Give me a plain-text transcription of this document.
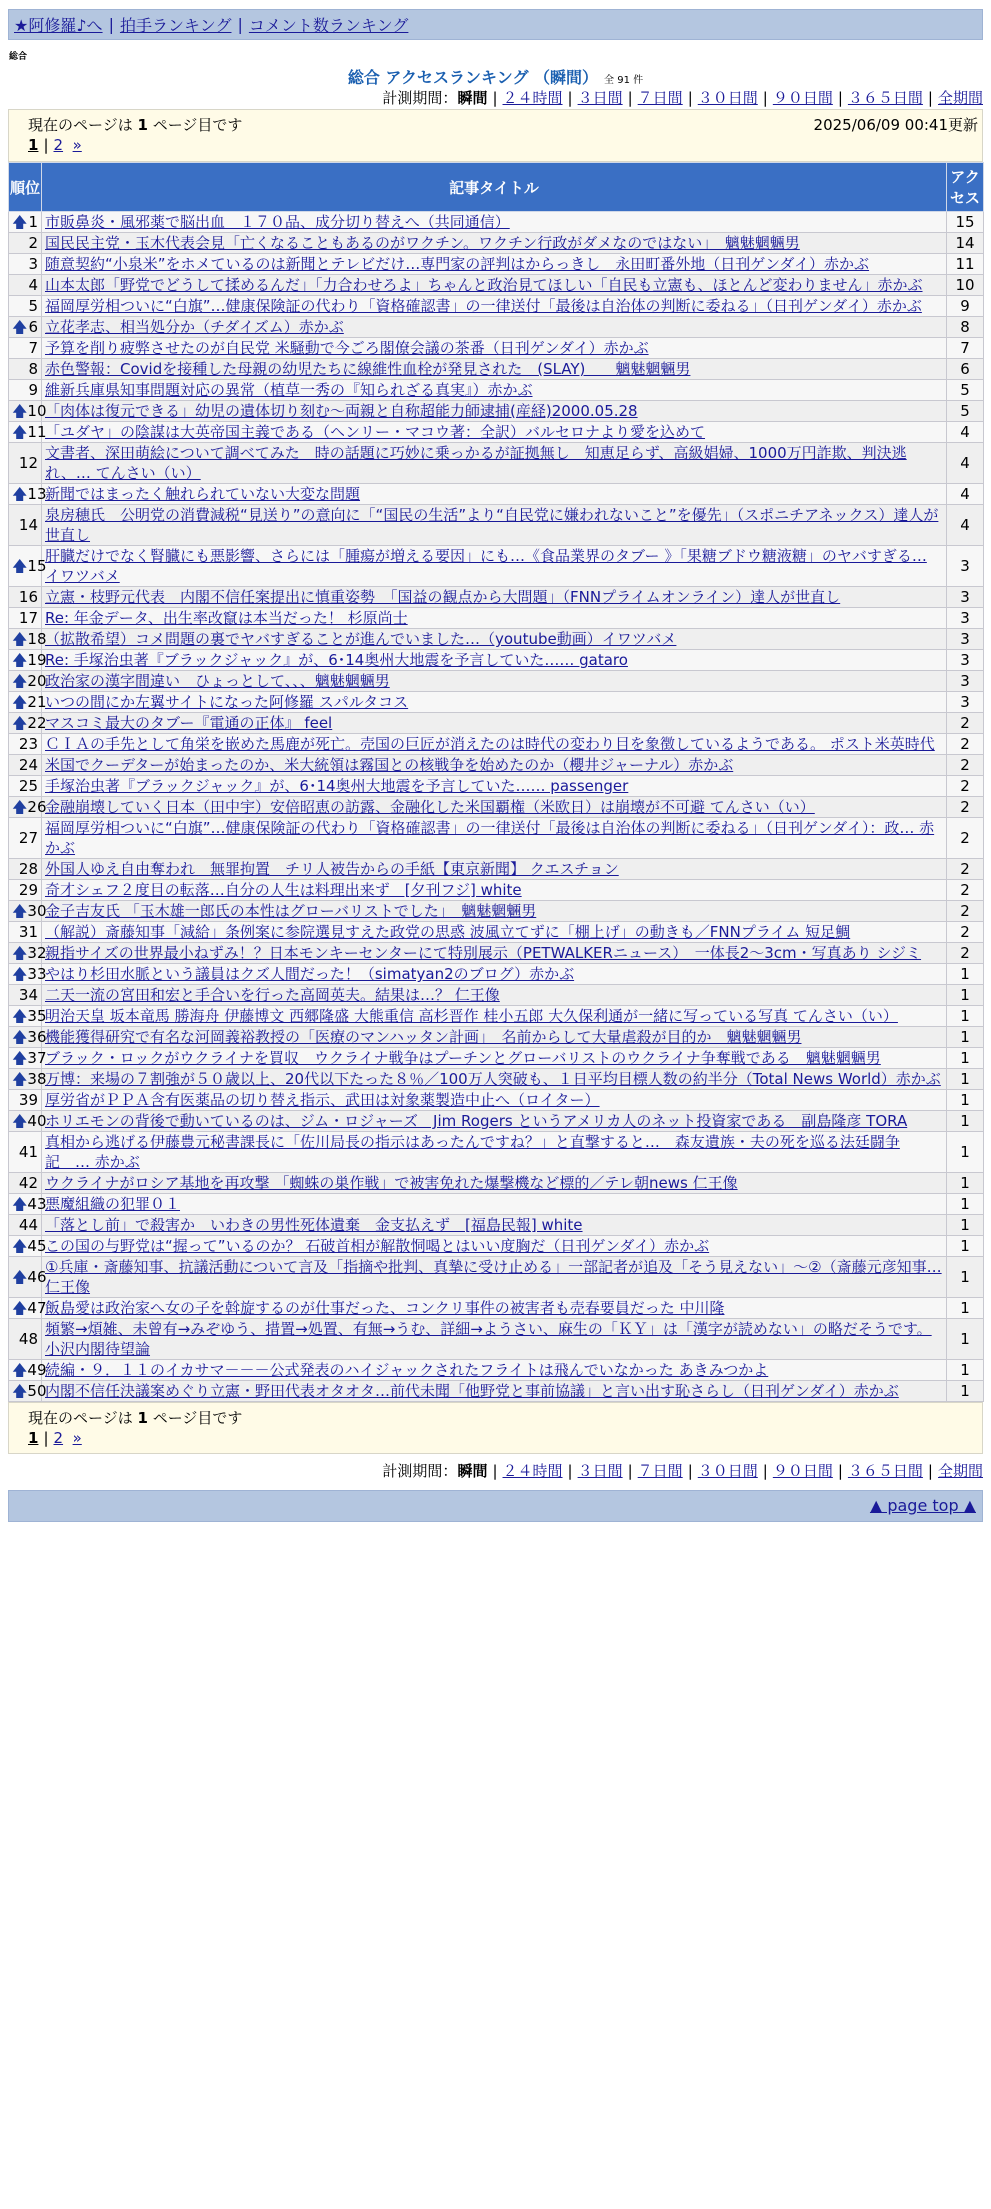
★阿修羅♪へ | 拍手ランキング | コメント数ランキング
総合
総合 アクセスランキング （瞬間） 全 91 件
計測期間：瞬間 | ２４時間 | ３日間 | ７日間 | ３０日間 | ９０日間 | ３６５日間 | 全期間
現在のページは 1 ページ目です	2025/06/09 00:41更新
1 | 2 »
順位	記事タイトル	アクセス

🡅 1	市販鼻炎・風邪薬で脳出血　１７０品、成分切り替えへ（共同通信）	15
2	国民民主党・玉木代表会見「亡くなることもあるのがワクチン。ワクチン行政がダメなのではない」　魑魅魍魎男	14
3	随意契約“小泉米”をホメているのは新聞とテレビだけ…専門家の評判はからっきし　永田町番外地（日刊ゲンダイ）赤かぶ	11
4	山本太郎「野党でどうして揉めるんだ」「力合わせろよ」ちゃんと政治見てほしい「自民も立憲も、ほとんど変わりません」赤かぶ	10
5	福岡厚労相ついに“白旗”…健康保険証の代わり「資格確認書」の一律送付「最後は自治体の判断に委ねる」（日刊ゲンダイ）赤かぶ	9

🡅 6	立花孝志、相当処分か（チダイズム）赤かぶ	8
7	予算を削り疲弊させたのが自民党 米騒動で今ごろ閣僚会議の茶番（日刊ゲンダイ）赤かぶ	7
8	赤色警報：Covidを接種した母親の幼児たちに線維性血栓が発見された　(SLAY)　　魑魅魍魎男	6
9	維新兵庫県知事問題対応の異常（植草一秀の『知られざる真実』）赤かぶ	5

🡅 10	「肉体は復元できる」幼児の遺体切り刻む～両親と自称超能力師逮捕(産経)2000.05.28	5

🡅 11	「ユダヤ」の陰謀は大英帝国主義である（ヘンリー・マコウ著：全訳）バルセロナより愛を込めて	4
12	文書者、深田萌絵について調べてみた　時の話題に巧妙に乗っかるが証拠無し　知恵足らず、高級娼婦、1000万円詐欺、判決逃れ、… てんさい（い）	4

🡅 13	新聞ではまったく触れられていない大変な問題	4
14	泉房穂氏　公明党の消費減税“見送り”の意向に「“国民の生活”より“自民党に嫌われないこと”を優先」（スポニチアネックス）達人が世直し	4

🡅 15	肝臓だけでなく腎臓にも悪影響、さらには「腫瘍が増える要因」にも…《食品業界のタブー 》「果糖ブドウ糖液糖」のヤバすぎる… イワツバメ	3
16	立憲・枝野元代表　内閣不信任案提出に慎重姿勢　「国益の観点から大問題」（FNNプライムオンライン）達人が世直し	3
17	Re: 年金データ、出生率改竄は本当だった！ 杉原尚士	3

🡅 18	（拡散希望）コメ問題の裏でヤバすぎることが進んでいました…（youtube動画）イワツバメ	3

🡅 19	Re: 手塚治虫著『ブラックジャック』が、6･14奥州大地震を予言していた…… gataro	3

🡅 20	政治家の漢字間違い　ひょっとして、、、魑魅魍魎男	3

🡅 21	いつの間にか左翼サイトになった阿修羅 スパルタコス	3

🡅 22	マスコミ最大のタブー『電通の正体』 feel	2
23	ＣＩＡの手先として角栄を嵌めた馬鹿が死亡。売国の巨匠が消えたのは時代の変わり目を象徴しているようである。 ポスト米英時代	2
24	米国でクーデターが始まったのか、米大統領は霧国との核戦争を始めたのか（櫻井ジャーナル）赤かぶ	2
25	手塚治虫著『ブラックジャック』が、6･14奥州大地震を予言していた…… passenger	2

🡅 26	金融崩壊していく日本（田中宇）安倍昭恵の訪露、金融化した米国覇権（米欧日）は崩壊が不可避 てんさい（い）	2
27	福岡厚労相ついに“白旗”…健康保険証の代わり「資格確認書」の一律送付「最後は自治体の判断に委ねる」（日刊ゲンダイ）：政… 赤かぶ	2
28	外国人ゆえ自由奪われ　無罪拘置　チリ人被告からの手紙【東京新聞】 クエスチョン	2
29	奇才シェフ２度目の転落…自分の人生は料理出来ず　[夕刊フジ] white	2

🡅 30	金子吉友氏 「玉木雄一郎氏の本性はグローバリストでした」　魑魅魍魎男	2
31	（解説）斎藤知事「減給」条例案に参院選見すえた政党の思惑 波風立てずに「棚上げ」の動きも／FNNプライム 短足鯛	2

🡅 32	親指サイズの世界最小ねずみ！？日本モンキーセンターにて特別展示（PETWALKERニュース）　一体長2～3cm・写真あり シジミ	2

🡅 33	やはり杉田水脈という議員はクズ人間だった！（simatyan2のブログ）赤かぶ	1
34	二天一流の宮田和宏と手合いを行った高岡英夫。結果は…？ 仁王像	1

🡅 35	明治天皇 坂本竜馬 勝海舟 伊藤博文 西郷隆盛 大熊重信 高杉晋作 桂小五郎 大久保利通が一緒に写っている写真 てんさい（い）	1

🡅 36	機能獲得研究で有名な河岡義裕教授の「医療のマンハッタン計画」　名前からして大量虐殺が目的か　魑魅魍魎男	1

🡅 37	ブラック・ロックがウクライナを買収　ウクライナ戦争はプーチンとグローバリストのウクライナ争奪戦である　魑魅魍魎男	1

🡅 38	万博：来場の７割強が５０歳以上、20代以下たった８％／100万人突破も、１日平均目標人数の約半分（Total News World）赤かぶ	1
39	厚労省がＰＰＡ含有医薬品の切り替え指示、武田は対象薬製造中止へ（ロイター）	1

🡅 40	ホリエモンの背後で動いているのは、ジム・ロジャーズ　Jim Rogers というアメリカ人のネット投資家である　副島隆彦 TORA	1
41	真相から逃げる伊藤豊元秘書課長に「佐川局長の指示はあったんですね？」と直撃すると…　森友遺族・夫の死を巡る法廷闘争記　… 赤かぶ	1
42	ウクライナがロシア基地を再攻撃 「蜘蛛の巣作戦」で被害免れた爆撃機など標的／テレ朝news 仁王像	1

🡅 43	悪魔組織の犯罪０１	1
44	「落とし前」で殺害か　いわきの男性死体遺棄　金支払えず　[福島民報] white	1

🡅 45	この国の与野党は“握って”いるのか？ 石破首相が解散恫喝とはいい度胸だ（日刊ゲンダイ）赤かぶ	1

🡅 46	①兵庫・斎藤知事、抗議活動について言及「指摘や批判、真摯に受け止める」一部記者が追及「そう見えない」～②（斎藤元彦知事… 仁王像	1

🡅 47	飯島愛は政治家へ女の子を斡旋するのが仕事だった、コンクリ事件の被害者も売春要員だった 中川隆	1
48	頻繁→煩雑、未曾有→みぞゆう、措置→処置、有無→うむ、詳細→ようさい、麻生の「ＫＹ」は「漢字が読めない」の略だそうです。 小沢内閣待望論	1

🡅 49	続編・９．１１のイカサマ－－－公式発表のハイジャックされたフライトは飛んでいなかった あきみつかよ	1

🡅 50	内閣不信任決議案めぐり立憲・野田代表オタオタ…前代未聞「他野党と事前協議」と言い出す恥さらし（日刊ゲンダイ）赤かぶ	1
現在のページは 1 ページ目です
1 | 2 »
計測期間：瞬間 | ２４時間 | ３日間 | ７日間 | ３０日間 | ９０日間 | ３６５日間 | 全期間
▲ page top ▲
